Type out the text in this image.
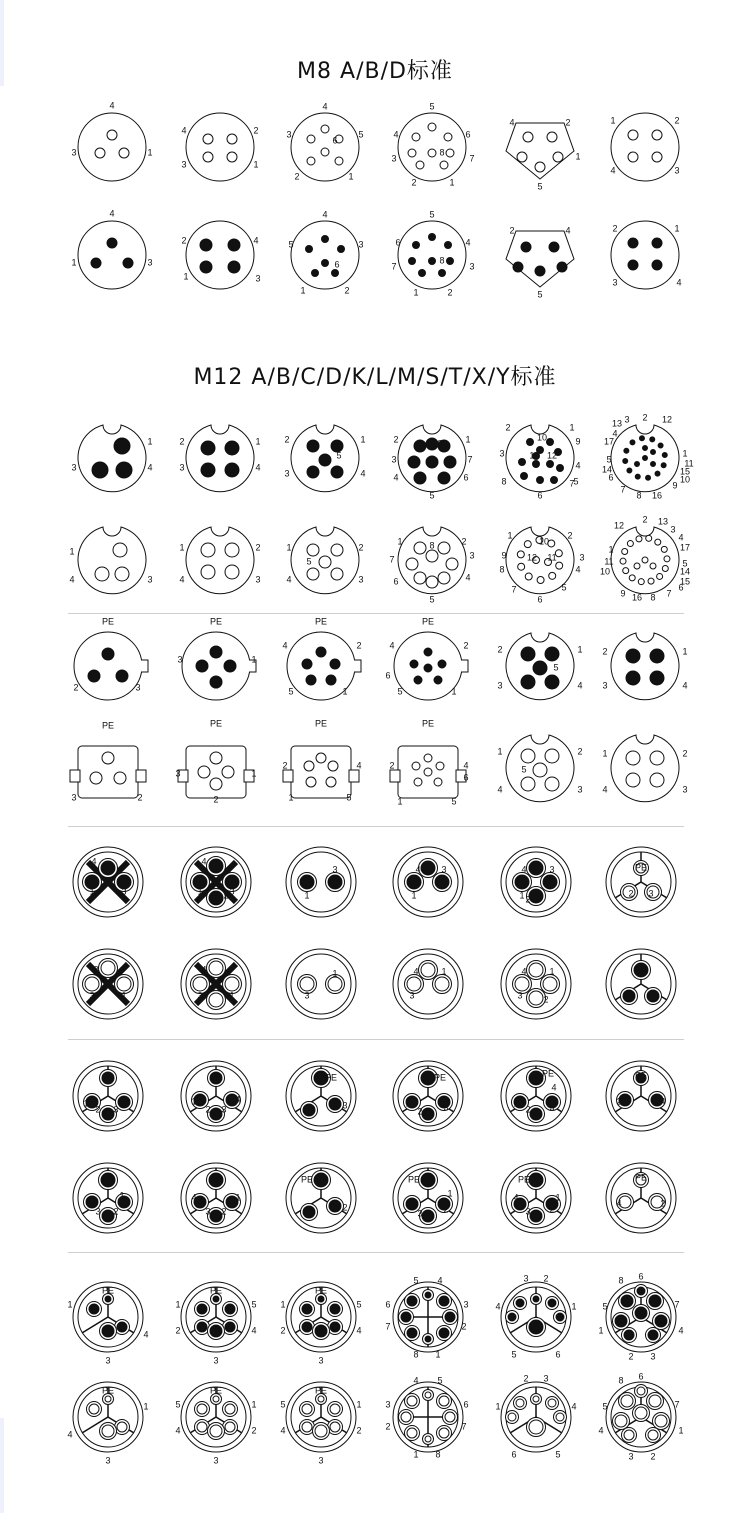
M8 A/B/D标准
M12 A/B/C/D/K/L/M/S/T/X/Y标准
3
4
1
4	2
3	1
3
4
5
6
2	1
4
5
6
3
8
7
2	1
4	2
1
5
1	2
4	3
1
4
3
2	4
1	3
5
4
3
6
1	2
6
5
4
7
8
3
1	2
2	4
5
2	1
3	4
1
3	4
2	1
3	4
2	1
5
3	4
2	1
8
3	7
4	6
5
2	1
10	9
3	11 12
4
8	5
7
6
13 3 2 12
4
17
1
5
14
11
6
15
7
8 16
9
10
1
4	3
1	2
4	3
1	2
5
4	3
1	2
8
7	3
6	4
5
1	2
10
9	3
12 11
8	4
7	5
6
12
2 13
3
4
1	17
11	5
10	14
15
9 16 8 7
6
PE
2	3
PE
3	1
2
PE
4	2
5	1
PE
4	2
6
5	1
2	1
5
3	4
2	1
3	4
PE
3	2
PE
3	1
2
PE
2	4
1	5
PE
2	4
6
1	5
1	2
5
4	3
1	2
4	3
4
1	3
4
1 2 3
3
1
4 3
1
4	3
1 2
PE
2 3
2
3	1
4
3	1
1
3
4	1
3
4	1
3 2
PE
3 2
PE
1
2 3
PE
1	4
2 3
PE
2
3
PE
1
2 3
PE
1
4
2 3
PE
2	4
PE
1
3 2
PE
4	1
3 2
PE
3
2
PE
1
3 2
PE
4	1
3 2
PE
4	2
PE
1
4
3
PE
1	5
2	4
3
PE
1	5
2	4
3
5 4
6	3
7	2
8 1
3 2
4	1
5	6
8 6
7
5
1	4
2 3
PE
1
4
3
PE
5	1
4	2
3
PE
5	1
4	2
3
4 5
3	6
2	7
1 8
2 3
1	4
6	5
8 6
5	7
4	1
3 2
